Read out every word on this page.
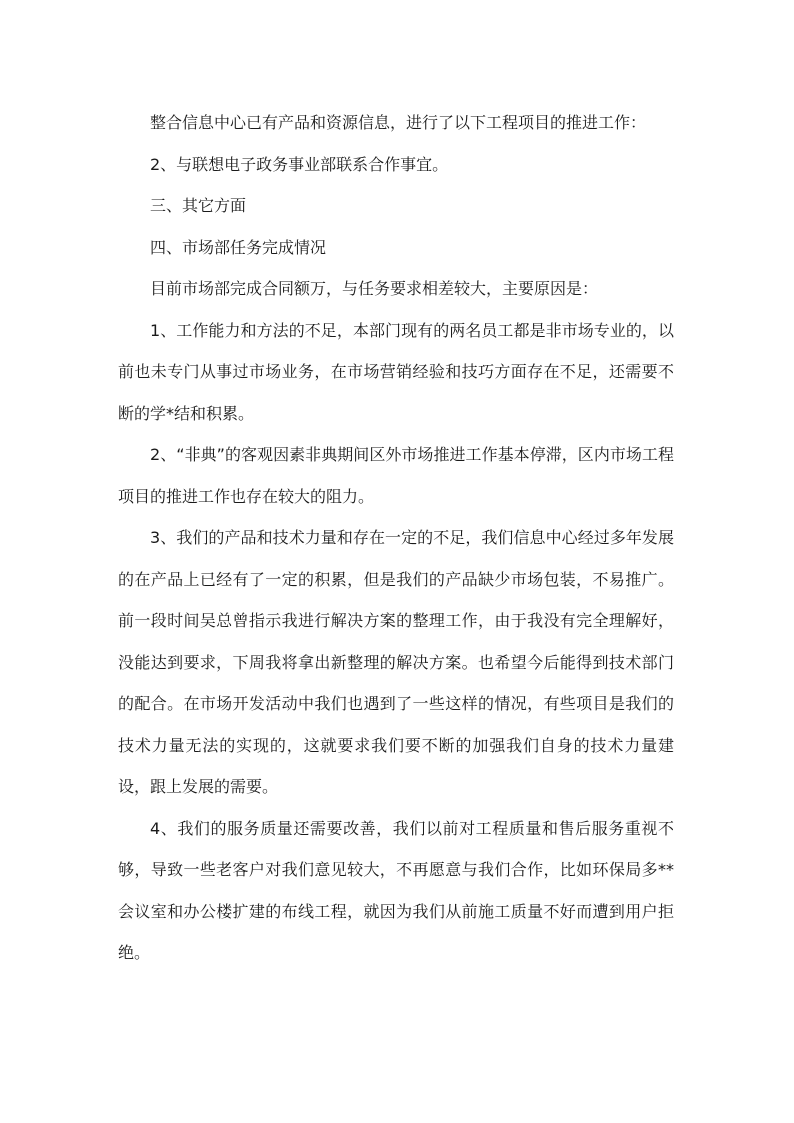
整合信息中心已有产品和资源信息，进行了以下工程项目的推进工作：

2、与联想电子政务事业部联系合作事宜。

三、其它方面

四、市场部任务完成情况

目前市场部完成合同额万，与任务要求相差较大，主要原因是：

1、工作能力和方法的不足，本部门现有的两名员工都是非市场专业的，以前也未专门从事过市场业务，在市场营销经验和技巧方面存在不足，还需要不断的学*结和积累。

2、“非典”的客观因素非典期间区外市场推进工作基本停滞，区内市场工程项目的推进工作也存在较大的阻力。

3、我们的产品和技术力量和存在一定的不足，我们信息中心经过多年发展的在产品上已经有了一定的积累，但是我们的产品缺少市场包装，不易推广。前一段时间吴总曾指示我进行解决方案的整理工作，由于我没有完全理解好，没能达到要求，下周我将拿出新整理的解决方案。也希望今后能得到技术部门的配合。在市场开发活动中我们也遇到了一些这样的情况，有些项目是我们的技术力量无法的实现的，这就要求我们要不断的加强我们自身的技术力量建设，跟上发展的需要。

4、我们的服务质量还需要改善，我们以前对工程质量和售后服务重视不够，导致一些老客户对我们意见较大，不再愿意与我们合作，比如环保局多**会议室和办公楼扩建的布线工程，就因为我们从前施工质量不好而遭到用户拒绝。
